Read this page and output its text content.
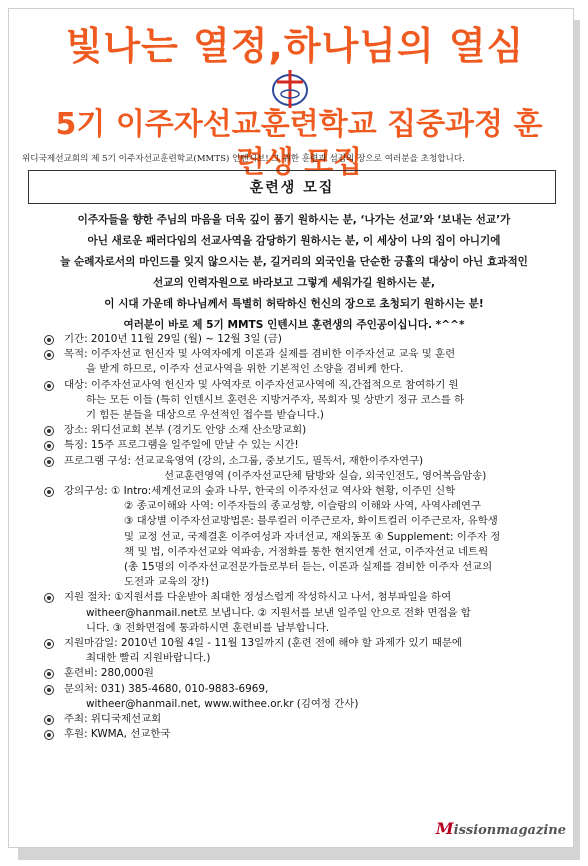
빛나는 열정,하나님의 열심
5기 이주자선교훈련학교 집중과정 훈련생 모집
위디국제선교회의 제 5기 이주자선교훈련학교(MMTS) 인텐시브! 그 귀한 훈련과 섬김의 장으로 여러분을 초청합니다.
훈련생 모집
이주자들을 향한 주님의 마음을 더욱 깊이 품기 원하시는 분, ‘나가는 선교’와 ‘보내는 선교’가
아닌 새로운 패러다임의 선교사역을 감당하기 원하시는 분, 이 세상이 나의 집이 아니기에
늘 순례자로서의 마인드를 잊지 않으시는 분, 길거리의 외국인을 단순한 긍휼의 대상이 아닌 효과적인
선교의 인력자원으로 바라보고 그렇게 세워가길 원하시는 분,
이 시대 가운데 하나님께서 특별히 허락하신 헌신의 장으로 초청되기 원하시는 분!
여러분이 바로 제 5기 MMTS 인텐시브 훈련생의 주인공이십니다. *^^*
기간: 2010년 11월 29일 (월) ~ 12월 3일 (금)
목적: 이주자선교 헌신자 및 사역자에게 이론과 실제를 겸비한 이주자선교 교육 및 훈련
을 받게 하므로, 이주자 선교사역을 위한 기본적인 소양을 겸비케 한다.
대상: 이주자선교사역 헌신자 및 사역자로 이주자선교사역에 직,간접적으로 참여하기 원
하는 모든 이들 (특히 인텐시브 훈련은 지방거주자, 목회자 및 상반기 정규 코스를 하
기 힘든 분들을 대상으로 우선적인 접수를 받습니다.)
장소: 위디선교회 본부 (경기도 안양 소재 산소망교회)
특징: 15주 프로그램을 일주일에 만날 수 있는 시간!
프로그램 구성: 선교교육영역 (강의, 소그룹, 중보기도, 필독서, 재한이주자연구)
선교훈련영역 (이주자선교단체 탐방와 실습, 외국인전도, 영어복음암송)
강의구성: ① Intro:세계선교의 숲과 나무, 한국의 이주자선교 역사와 현황, 이주민 신학
② 종교이해와 사역: 이주자들의 종교성향, 이슬람의 이해와 사역, 사역사례연구
③ 대상별 이주자선교방법론: 블루컬러 이주근로자, 화이트컬러 이주근로자, 유학생
및 교정 선교, 국제결혼 이주여성과 자녀선교, 재외동포 ④ Supplement: 이주자 정
책 및 법, 이주자선교와 역파송, 거점화를 통한 현지연계 선교, 이주자선교 네트웍
(총 15명의 이주자선교전문가들로부터 듣는, 이론과 실제를 겸비한 이주자 선교의
도전과 교육의 장!)
지원 절차: ①지원서를 다운받아 최대한 정성스럽게 작성하시고 나서, 첨부파일을 하여
witheer@hanmail.net로 보냅니다. ② 지원서를 보낸 일주일 안으로 전화 면접을 합
니다. ③ 전화면접에 통과하시면 훈련비를 납부합니다.
지원마감일: 2010년 10월 4일 - 11월 13일까지 (훈련 전에 해야 할 과제가 있기 때문에
최대한 빨리 지원바랍니다.)
훈련비: 280,000원
문의처: 031) 385-4680, 010-9883-6969,
witheer@hanmail.net, www.withee.or.kr (김여정 간사)
주최: 위디국제선교회
후원: KWMA, 선교한국
Missionmagazine
